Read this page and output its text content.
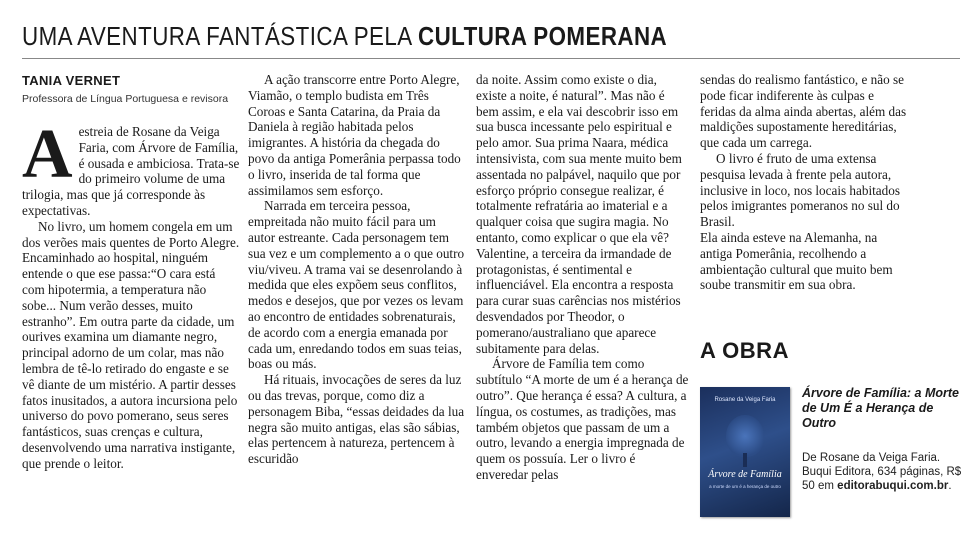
UMA AVENTURA FANTÁSTICA PELA CULTURA POMERANA
TANIA VERNET
Professora de Língua Portuguesa e revisora
A estreia de Rosane da Veiga Faria, com Árvore de Família, é ousada e ambiciosa. Trata-se do primeiro volume de uma trilogia, mas que já corresponde às expectativas.

No livro, um homem congela em um dos verões mais quentes de Porto Alegre. Encaminhado ao hospital, ninguém entende o que ese passa:“O cara está com hipotermia, a temperatura não sobe... Num verão desses, muito estranho”. Em outra parte da cidade, um ourives examina um diamante negro, principal adorno de um colar, mas não lembra de tê-lo retirado do engaste e se vê diante de um mistério. A partir desses fatos inusitados, a autora incursiona pelo universo do povo pomerano, seus seres fantásticos, suas crenças e cultura, desenvolvendo uma narrativa instigante, que prende o leitor.

A ação transcorre entre Porto Alegre, Viamão, o templo budista em Três Coroas e Santa Catarina, da Praia da Daniela à região habitada pelos imigrantes. A história da chegada do povo da antiga Pomerânia perpassa todo o livro, inserida de tal forma que assimilamos sem esforço.

Narrada em terceira pessoa, empreitada não muito fácil para um autor estreante. Cada personagem tem sua vez e um complemento a o que outro viu/viveu. A trama vai se desenrolando à medida que eles expõem seus conflitos, medos e desejos, que por vezes os levam ao encontro de entidades sobrenaturais, de acordo com a energia emanada por cada um, enredando todos em suas teias, boas ou más.

Há rituais, invocações de seres da luz ou das trevas, porque, como diz a personagem Biba, “essas deidades da lua negra são muito antigas, elas são sábias, elas pertencem à natureza, pertencem à escuridão

da noite. Assim como existe o dia, existe a noite, é natural”. Mas não é bem assim, e ela vai descobrir isso em sua busca incessante pelo espiritual e pelo amor. Sua prima Naara, médica intensivista, com sua mente muito bem assentada no palpável, naquilo que por esforço próprio consegue realizar, é totalmente refratária ao imaterial e a qualquer coisa que sugira magia. No entanto, como explicar o que ela vê? Valentine, a terceira da irmandade de protagonistas, é sentimental e influenciável. Ela encontra a resposta para curar suas carências nos mistérios desvendados por Theodor, o pomerano/australiano que aparece subitamente para delas.

Árvore de Família tem como subtítulo “A morte de um é a herança de outro”. Que herança é essa? A cultura, a língua, os costumes, as tradições, mas também objetos que passam de um a outro, levando a energia impregnada de quem os possuía. Ler o livro é enveredar pelas

sendas do realismo fantástico, e não se pode ficar indiferente às culpas e feridas da alma ainda abertas, além das maldições supostamente hereditárias, que cada um carrega.

O livro é fruto de uma extensa pesquisa levada à frente pela autora, inclusive in loco, nos locais habitados pelos imigrantes pomeranos no sul do Brasil.

Ela ainda esteve na Alemanha, na antiga Pomerânia, recolhendo a ambientação cultural que muito bem soube transmitir em sua obra.

A OBRA
Rosane da Veiga Faria
Árvore de Família
a morte de um é a herança de outro
Árvore de Família: a Morte de Um É a Herança de Outro
De Rosane da Veiga Faria. Buqui Editora, 634 páginas, R$ 50 em editorabuqui.com.br.
